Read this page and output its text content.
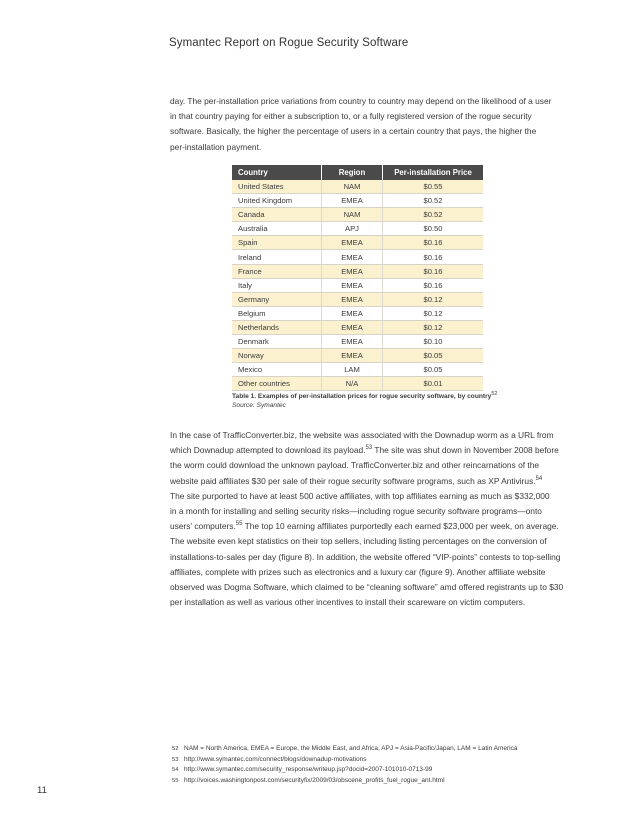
Symantec Report on Rogue Security Software

day. The per-installation price variations from country to country may depend on the likelihood of a user

in that country paying for either a subscription to, or a fully registered version of the rogue security

software. Basically, the higher the percentage of users in a certain country that pays, the higher the

per-installation payment.

Country	Region	Per-installation Price
United States	NAM	$0.55
United Kingdom	EMEA	$0.52
Canada	NAM	$0.52
Australia	APJ	$0.50
Spain	EMEA	$0.16
Ireland	EMEA	$0.16
France	EMEA	$0.16
Italy	EMEA	$0.16
Germany	EMEA	$0.12
Belgium	EMEA	$0.12
Netherlands	EMEA	$0.12
Denmark	EMEA	$0.10
Norway	EMEA	$0.05
Mexico	LAM	$0.05
Other countries	N/A	$0.01
Table 1. Examples of per-installation prices for rogue security software, by country$^{52}$
Source: Symantec

In the case of TrafficConverter.biz, the website was associated with the Downadup worm as a URL from

which Downadup attempted to download its payload.$^{53}$ The site was shut down in November 2008 before

the worm could download the unknown payload. TrafficConverter.biz and other reincarnations of the

website paid affiliates $30 per sale of their rogue security software programs, such as XP Antivirus.$^{54}$

The site purported to have at least 500 active affiliates, with top affiliates earning as much as $332,000

in a month for installing and selling security risks—including rogue security software programs—onto

users’ computers.$^{55}$ The top 10 earning affiliates purportedly each earned $23,000 per week, on average.

The website even kept statistics on their top sellers, including listing percentages on the conversion of

installations-to-sales per day (figure 8). In addition, the website offered “VIP-points” contests to top-selling

affiliates, complete with prizes such as electronics and a luxury car (figure 9). Another affiliate website

observed was Dogma Software, which claimed to be “cleaning software” amd offered registrants up to $30

per installation as well as various other incentives to install their scareware on victim computers.

52 NAM = North America, EMEA = Europe, the Middle East, and Africa, APJ = Asia-Pacific/Japan, LAM = Latin America
53 http://www.symantec.com/connect/blogs/downadup-motivations
54 http://www.symantec.com/security_response/writeup.jsp?docid=2007-101010-0713-99
55 http://voices.washingtonpost.com/securityfix/2009/03/obscene_profits_fuel_rogue_ant.html
11
